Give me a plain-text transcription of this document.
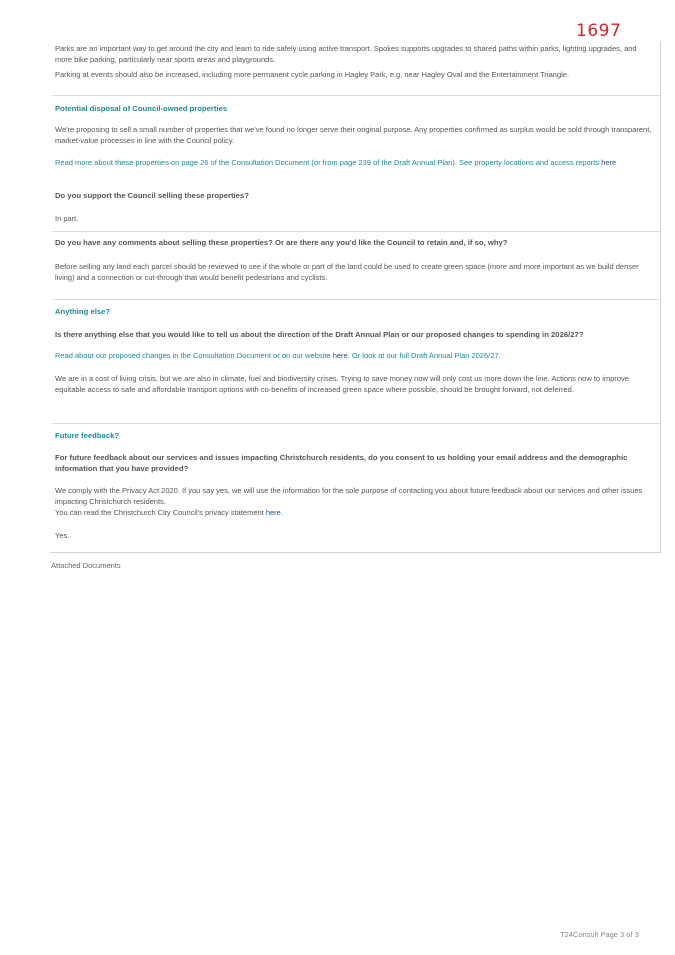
1697

Parks are an important way to get around the city and learn to ride safely using active transport. Spokes supports upgrades to shared paths within parks, lighting upgrades, and more bike parking, particularly near sports areas and playgrounds.

Parking at events should also be increased, including more permanent cycle parking in Hagley Park, e.g. near Hagley Oval and the Entertainment Triangle.

Potential disposal of Council-owned properties

We're proposing to sell a small number of properties that we've found no longer serve their original purpose. Any properties confirmed as surplus would be sold through transparent, market-value processes in line with the Council policy.

Read more about these properties on page 26 of the Consultation Document (or from page 239 of the Draft Annual Plan). See property locations and access reports here

Do you support the Council selling these properties?

In part.

Do you have any comments about selling these properties? Or are there any you'd like the Council to retain and, if so, why?

Before selling any land each parcel should be reviewed to see if the whole or part of the land could be used to create green space (more and more important as we build denser living) and a connection or cut-through that would benefit pedestrians and cyclists.

Anything else?

Is there anything else that you would like to tell us about the direction of the Draft Annual Plan or our proposed changes to spending in 2026/27?

Read about our proposed changes in the Consultation Document or on our website here. Or look at our full Draft Annual Plan 2026/27.

We are in a cost of living crisis, but we are also in climate, fuel and biodiversity crises. Trying to save money now will only cost us more down the line. Actions now to improve equitable access to safe and affordable transport options with co-benefits of increased green space where possible, should be brought forward, not deferred.

Future feedback?

For future feedback about our services and issues impacting Christchurch residents, do you consent to us holding your email address and the demographic information that you have provided?

We comply with the Privacy Act 2020. If you say yes, we will use the information for the sole purpose of contacting you about future feedback about our services and other issues impacting Christchurch residents.

You can read the Christchurch City Council's privacy statement here.

Yes.

Attached Documents
T24Consult Page 3 of 3
